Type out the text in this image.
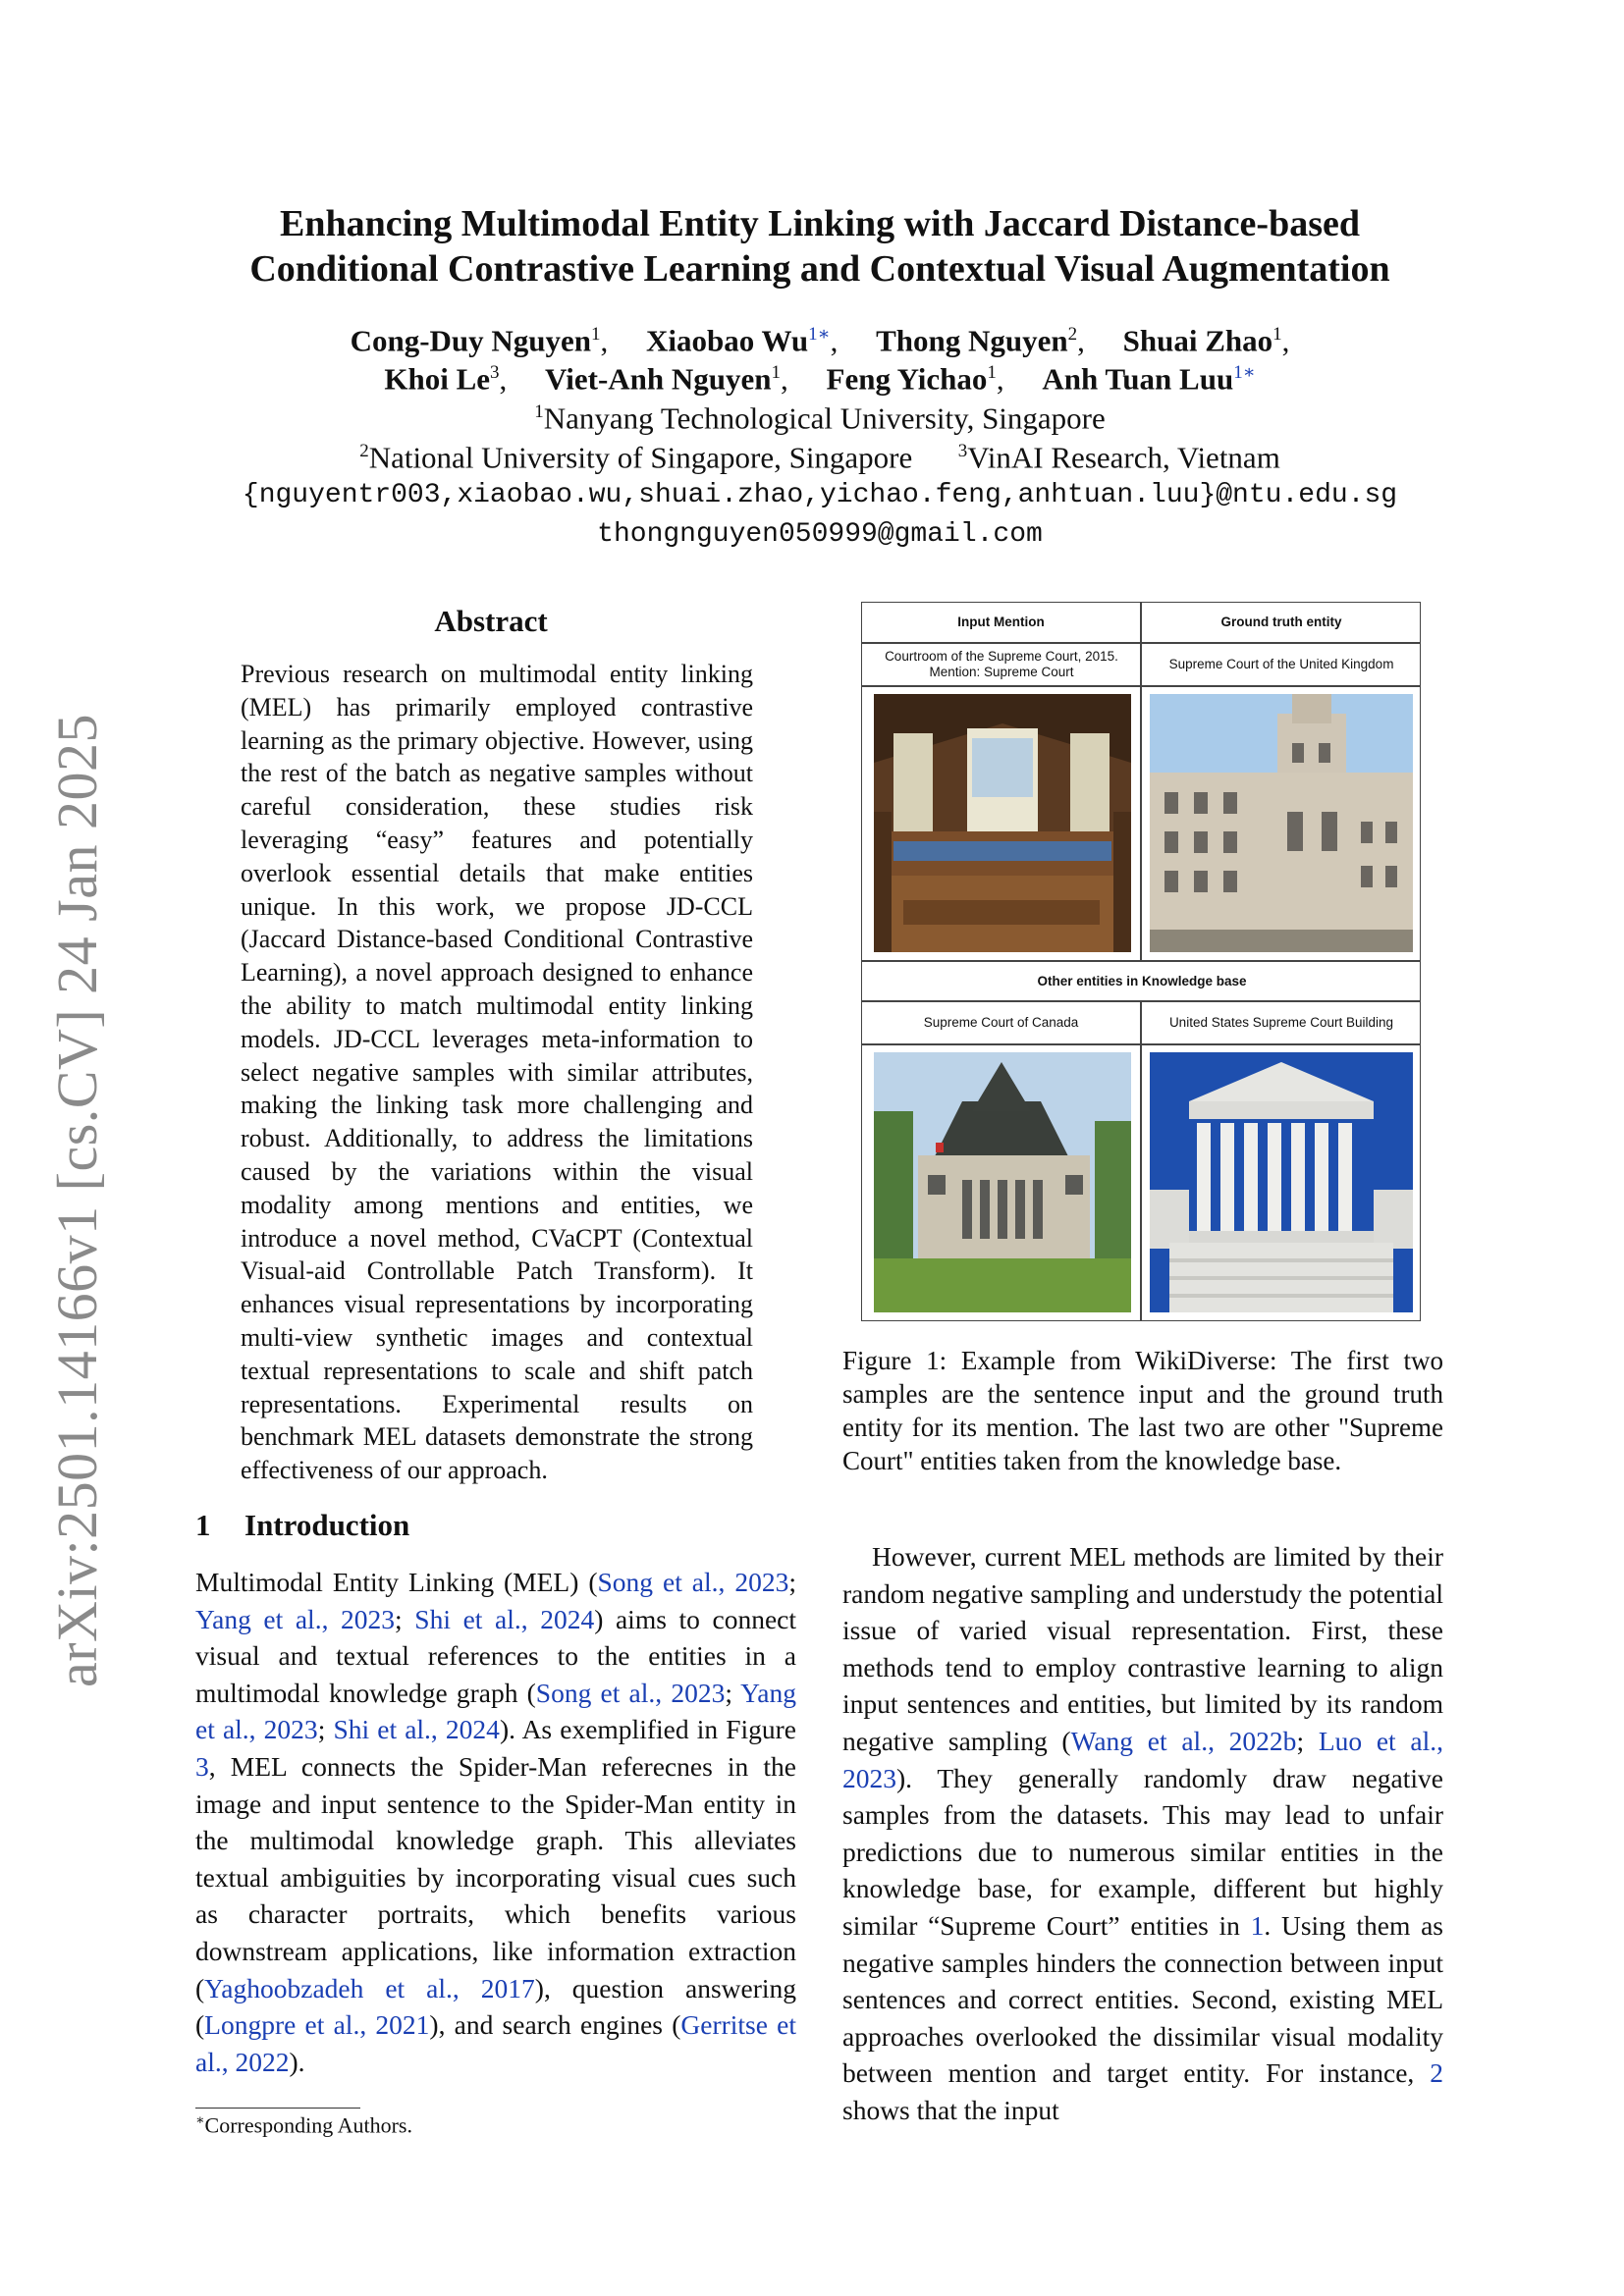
arXiv:2501.14166v1 [cs.CV] 24 Jan 2025
Enhancing Multimodal Entity Linking with Jaccard Distance-based
Conditional Contrastive Learning and Contextual Visual Augmentation
Cong-Duy Nguyen$^1$,     Xiaobao $Wu^{1∗}$,     Thong Nguyen$^2$,     Shuai Zhao$^1$,
Khoi Le$^3$,     Viet-Anh Nguyen$^1$,     Feng Yichao$^1$,     Anh Tuan Luu$^{1∗}$
$^1$Nanyang Technological University, Singapore
$^2$National University of Singapore, Singapore $^3$VinAI Research, Vietnam
{nguyentr003,xiaobao.wu,shuai.zhao,yichao.feng,anhtuan.luu}@ntu.edu.sg
thongnguyen050999@gmail.com
Abstract
Previous research on multimodal entity linking (MEL) has primarily employed contrastive learning as the primary objective. However, using the rest of the batch as negative samples without careful consideration, these studies risk leveraging “easy” features and potentially overlook essential details that make entities unique. In this work, we propose JD-CCL (Jaccard Distance-based Conditional Contrastive Learning), a novel approach designed to enhance the ability to match multimodal entity linking models. JD-CCL leverages meta-information to select negative samples with similar attributes, making the linking task more challenging and robust. Additionally, to address the limitations caused by the variations within the visual modality among mentions and entities, we introduce a novel method, CVaCPT (Contextual Visual-aid Controllable Patch Transform). It enhances visual representations by incorporating multi-view synthetic images and contextual textual representations to scale and shift patch representations. Experimental results on benchmark MEL datasets demonstrate the strong effectiveness of our approach.
1 Introduction

Multimodal Entity Linking (MEL) (Song et al., 2023; Yang et al., 2023; Shi et al., 2024) aims to connect visual and textual references to the entities in a multimodal knowledge graph (Song et al., 2023; Yang et al., 2023; Shi et al., 2024). As exemplified in Figure 3, MEL connects the Spider-Man referecnes in the image and input sentence to the Spider-Man entity in the multimodal knowledge graph. This alleviates textual ambiguities by incorporating visual cues such as character portraits, which benefits various downstream applications, like information extraction (Yaghoobzadeh et al., 2017), question answering (Longpre et al., 2021), and search engines (Gerritse et al., 2022).

∗Corresponding Authors.
Input Mention	Ground truth entity
Courtroom of the Supreme Court, 2015. Mention: Supreme Court
Supreme Court of the United Kingdom
Other entities in Knowledge base
Supreme Court of Canada	United States Supreme Court Building
Figure 1: Example from WikiDiverse: The first two samples are the sentence input and the ground truth entity for its mention. The last two are other "Supreme Court" entities taken from the knowledge base.

However, current MEL methods are limited by their random negative sampling and understudy the potential issue of varied visual representation. First, these methods tend to employ contrastive learning to align input sentences and entities, but limited by its random negative sampling (Wang et al., 2022b; Luo et al., 2023). They generally randomly draw negative samples from the datasets. This may lead to unfair predictions due to numerous similar entities in the knowledge base, for example, different but highly similar “Supreme Court” entities in 1. Using them as negative samples hinders the connection between input sentences and correct entities. Second, existing MEL approaches overlooked the dissimilar visual modality between mention and target entity. For instance, 2 shows that the input
